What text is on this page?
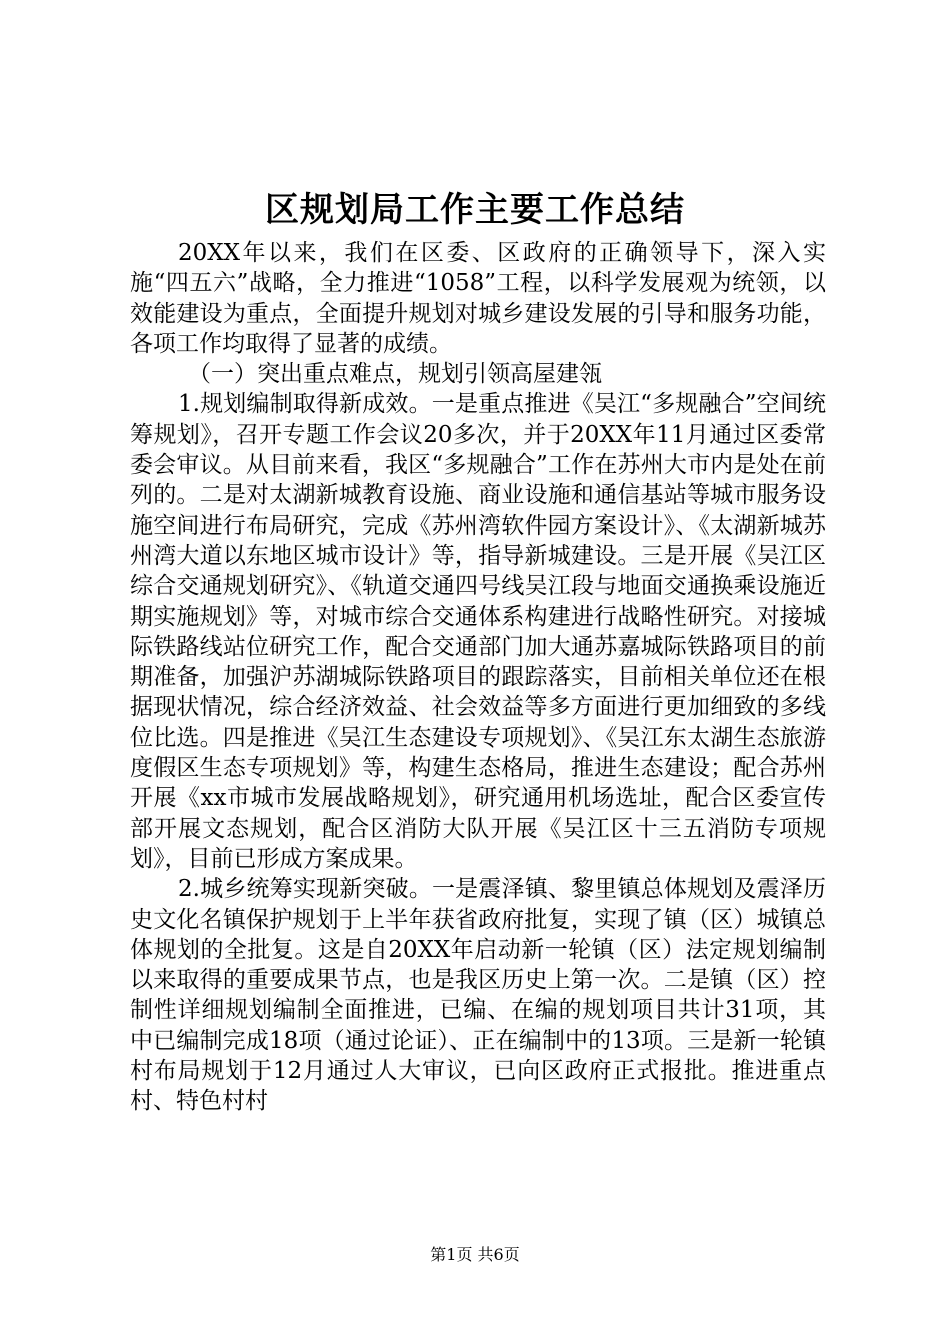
区规划局工作主要工作总结

20XX年以来，我们在区委、区政府的正确领导下，深入实施“四五六”战略，全力推进“1058”工程，以科学发展观为统领，以效能建设为重点，全面提升规划对城乡建设发展的引导和服务功能，各项工作均取得了显著的成绩。

（一）突出重点难点，规划引领高屋建瓴

1.规划编制取得新成效。一是重点推进《吴江“多规融合”空间统筹规划》，召开专题工作会议20多次，并于20XX年11月通过区委常委会审议。从目前来看，我区“多规融合”工作在苏州大市内是处在前列的。二是对太湖新城教育设施、商业设施和通信基站等城市服务设施空间进行布局研究，完成《苏州湾软件园方案设计》、《太湖新城苏州湾大道以东地区城市设计》等，指导新城建设。三是开展《吴江区综合交通规划研究》、《轨道交通四号线吴江段与地面交通换乘设施近期实施规划》等，对城市综合交通体系构建进行战略性研究。对接城际铁路线站位研究工作，配合交通部门加大通苏嘉城际铁路项目的前期准备，加强沪苏湖城际铁路项目的跟踪落实，目前相关单位还在根据现状情况，综合经济效益、社会效益等多方面进行更加细致的多线位比选。四是推进《吴江生态建设专项规划》、《吴江东太湖生态旅游度假区生态专项规划》等，构建生态格局，推进生态建设；配合苏州开展《xx市城市发展战略规划》，研究通用机场选址，配合区委宣传部开展文态规划，配合区消防大队开展《吴江区十三五消防专项规划》，目前已形成方案成果。

2.城乡统筹实现新突破。一是震泽镇、黎里镇总体规划及震泽历史文化名镇保护规划于上半年获省政府批复，实现了镇（区）城镇总体规划的全批复。这是自20XX年启动新一轮镇（区）法定规划编制以来取得的重要成果节点，也是我区历史上第一次。二是镇（区）控制性详细规划编制全面推进，已编、在编的规划项目共计31项，其中已编制完成18项（通过论证）、正在编制中的13项。三是新一轮镇村布局规划于12月通过人大审议，已向区政府正式报批。推进重点村、特色村村

第1页 共6页
